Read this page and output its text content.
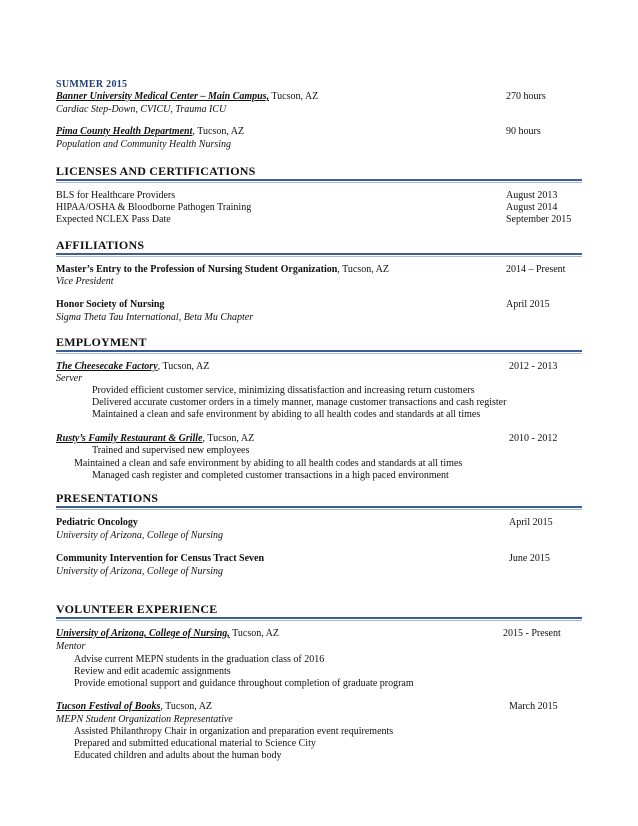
SUMMER 2015
Banner University Medical Center – Main Campus, Tucson, AZ	270 hours
Cardiac Step-Down, CVICU, Trauma ICU
Pima County Health Department, Tucson, AZ	90 hours
Population and Community Health Nursing
LICENSES AND CERTIFICATIONS
BLS for Healthcare Providers	August 2013
HIPAA/OSHA & Bloodborne Pathogen Training	August 2014
Expected NCLEX Pass Date	September 2015
AFFILIATIONS
Master’s Entry to the Profession of Nursing Student Organization, Tucson, AZ	2014 – Present
Vice President
Honor Society of Nursing	April 2015
Sigma Theta Tau International, Beta Mu Chapter
EMPLOYMENT
The Cheesecake Factory, Tucson, AZ	2012 - 2013
Server
Provided efficient customer service, minimizing dissatisfaction and increasing return customers
Delivered accurate customer orders in a timely manner, manage customer transactions and cash register
Maintained a clean and safe environment by abiding to all health codes and standards at all times
Rusty’s Family Restaurant & Grille, Tucson, AZ	2010 - 2012
Trained and supervised new employees
Maintained a clean and safe environment by abiding to all health codes and standards at all times
Managed cash register and completed customer transactions in a high paced environment
PRESENTATIONS
Pediatric Oncology	April 2015
University of Arizona, College of Nursing
Community Intervention for Census Tract Seven	June 2015
University of Arizona, College of Nursing
VOLUNTEER EXPERIENCE
University of Arizona, College of Nursing, Tucson, AZ	2015 - Present
Mentor
Advise current MEPN students in the graduation class of 2016
Review and edit academic assignments
Provide emotional support and guidance throughout completion of graduate program
Tucson Festival of Books, Tucson, AZ	March 2015
MEPN Student Organization Representative
Assisted Philanthropy Chair in organization and preparation event requirements
Prepared and submitted educational material to Science City
Educated children and adults about the human body
